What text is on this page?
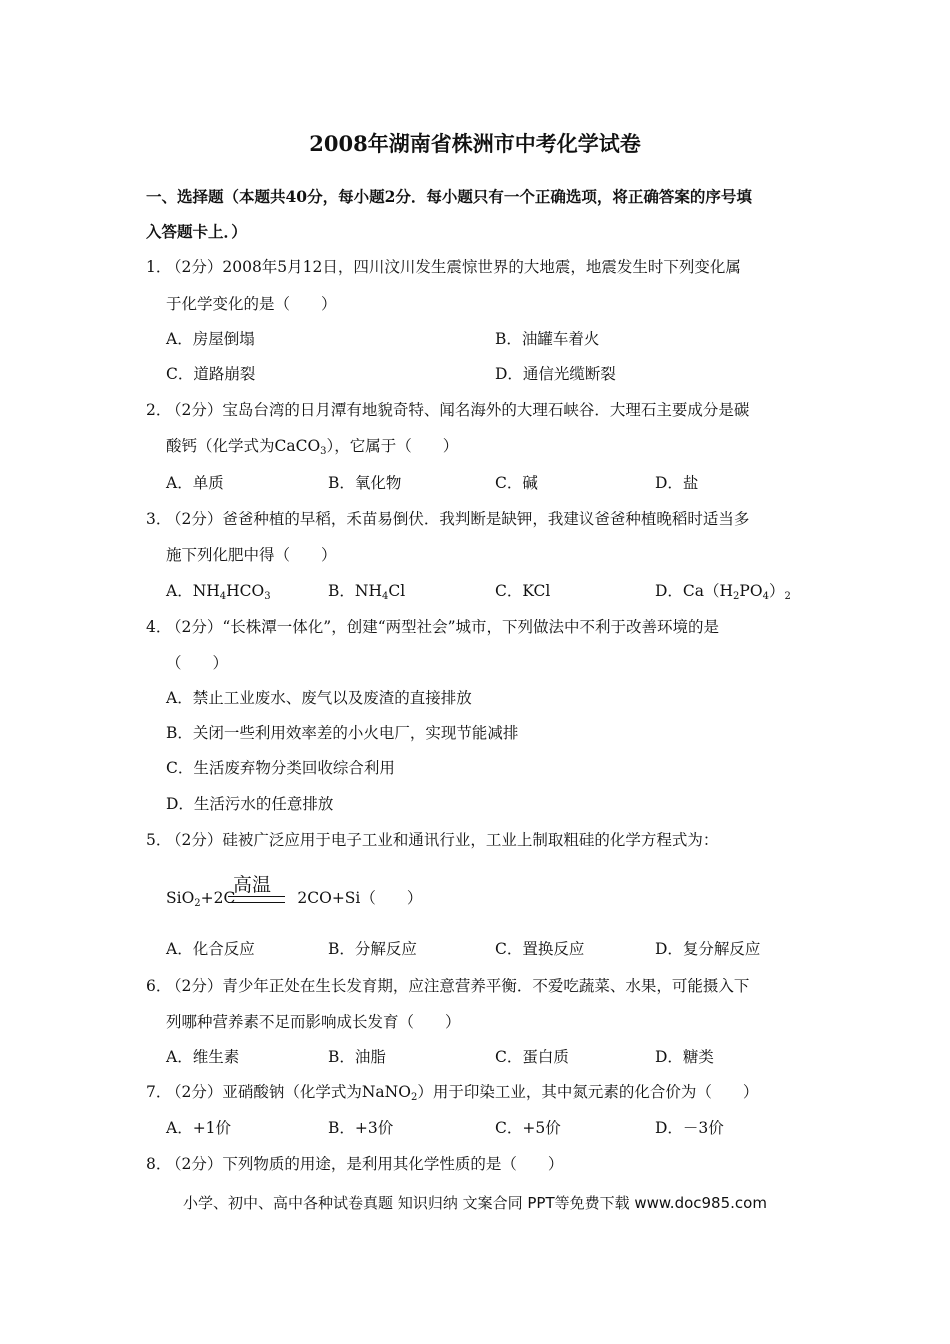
2008年湖南省株洲市中考化学试卷
一、选择题（本题共40分，每小题2分．每小题只有一个正确选项，将正确答案的序号填
入答题卡上．）
1．
（2分）2008年5月12日，四川汶川发生震惊世界的大地震，地震发生时下列变化属
于化学变化的是（　　）
A．房屋倒塌	B．油罐车着火
C．道路崩裂	D．通信光缆断裂
2．
（2分）宝岛台湾的日月潭有地貌奇特、闻名海外的大理石峡谷．大理石主要成分是碳
酸钙（化学式为CaCO$_3$），它属于（　　）
A．单质	B．氧化物	C．碱	D．盐
3．
（2分）爸爸种植的早稻，禾苗易倒伏．我判断是缺钾，我建议爸爸种植晚稻时适当多
施下列化肥中得（　　）
A．$NH_4HCO_3$	B．$NH_4Cl$	C．KCl	D．$Ca(H_2PO_4)_2$
4．
（2分）“长株潭一体化”，创建“两型社会”城市，下列做法中不利于改善环境的是
（　　）
A．禁止工业废水、废气以及废渣的直接排放
B．关闭一些利用效率差的小火电厂，实现节能减排
C．生活废弃物分类回收综合利用
D．生活污水的任意排放
5．
（2分）硅被广泛应用于电子工业和通讯行业，工业上制取粗硅的化学方程式为：
高温
SiO$_2$+2C	2CO+Si（　　）
A．化合反应	B．分解反应	C．置换反应	D．复分解反应
6．
（2分）青少年正处在生长发育期，应注意营养平衡．不爱吃蔬菜、水果，可能摄入下
列哪种营养素不足而影响成长发育（　　）
A．维生素	B．油脂	C．蛋白质	D．糖类
7．
（2分）亚硝酸钠（化学式为NaNO$_2$）用于印染工业，其中氮元素的化合价为（　　）
A．+1价	B．+3价	C．+5价	D．－3价
8．
（2分）下列物质的用途，是利用其化学性质的是（　　）
小学、初中、高中各种试卷真题 知识归纳 文案合同 PPT等免费下载 www.doc985.com
